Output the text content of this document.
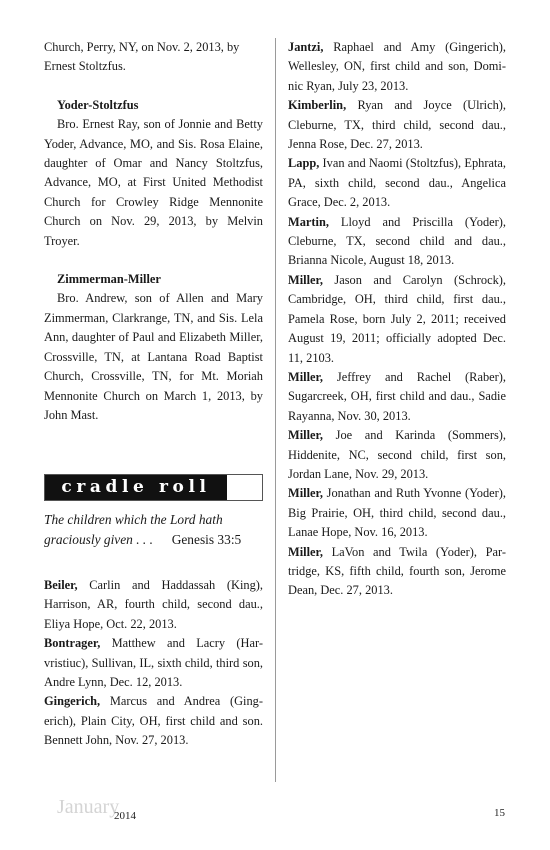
Church, Perry, NY, on Nov. 2, 2013, by
Ernest Stoltzfus.

Yoder-Stoltzfus

Bro. Ernest Ray, son of Jonnie and Betty Yoder, Advance, MO, and Sis. Rosa Elaine, daughter of Omar and Nancy Stoltzfus, Advance, MO, at First United Methodist Church for Crowley Ridge Mennonite Church on Nov. 29, 2013, by Melvin Troyer.

Zimmerman-Miller

Bro. Andrew, son of Allen and Mary Zimmerman, Clarkrange, TN, and Sis. Lela Ann, daughter of Paul and Elizabeth Miller, Crossville, TN, at Lantana Road Baptist Church, Crossville, TN, for Mt. Moriah Mennonite Church on March 1, 2013, by John Mast.

cradle roll
The children which the Lord hath
graciously given . . . Genesis 33:5

Beiler, Carlin and Haddassah (King), Harrison, AR, fourth child, second dau., Eliya Hope, Oct. 22, 2013.

Bontrager, Matthew and Lacry (Har- vristiuc), Sullivan, IL, sixth child, third son, Andre Lynn, Dec. 12, 2013.

Gingerich, Marcus and Andrea (Ging- erich), Plain City, OH, first child and son. Bennett John, Nov. 27, 2013.

Jantzi, Raphael and Amy (Gingerich), Wellesley, ON, first child and son, Domi- nic Ryan, July 23, 2013.

Kimberlin, Ryan and Joyce (Ulrich), Cleburne, TX, third child, second dau., Jenna Rose, Dec. 27, 2013.

Lapp, Ivan and Naomi (Stoltzfus), Ephrata, PA, sixth child, second dau., Angelica Grace, Dec. 2, 2013.

Martin, Lloyd and Priscilla (Yoder), Cleburne, TX, second child and dau., Brianna Nicole, August 18, 2013.

Miller, Jason and Carolyn (Schrock), Cambridge, OH, third child, first dau., Pamela Rose, born July 2, 2011; received August 19, 2011; officially adopted Dec. 11, 2103.

Miller, Jeffrey and Rachel (Raber), Sugarcreek, OH, first child and dau., Sadie Rayanna, Nov. 30, 2013.

Miller, Joe and Karinda (Sommers), Hiddenite, NC, second child, first son, Jordan Lane, Nov. 29, 2013.

Miller, Jonathan and Ruth Yvonne (Yoder), Big Prairie, OH, third child, second dau., Lanae Hope, Nov. 16, 2013.

Miller, LaVon and Twila (Yoder), Par- tridge, KS, fifth child, fourth son, Jerome Dean, Dec. 27, 2013.

January
2014	15
